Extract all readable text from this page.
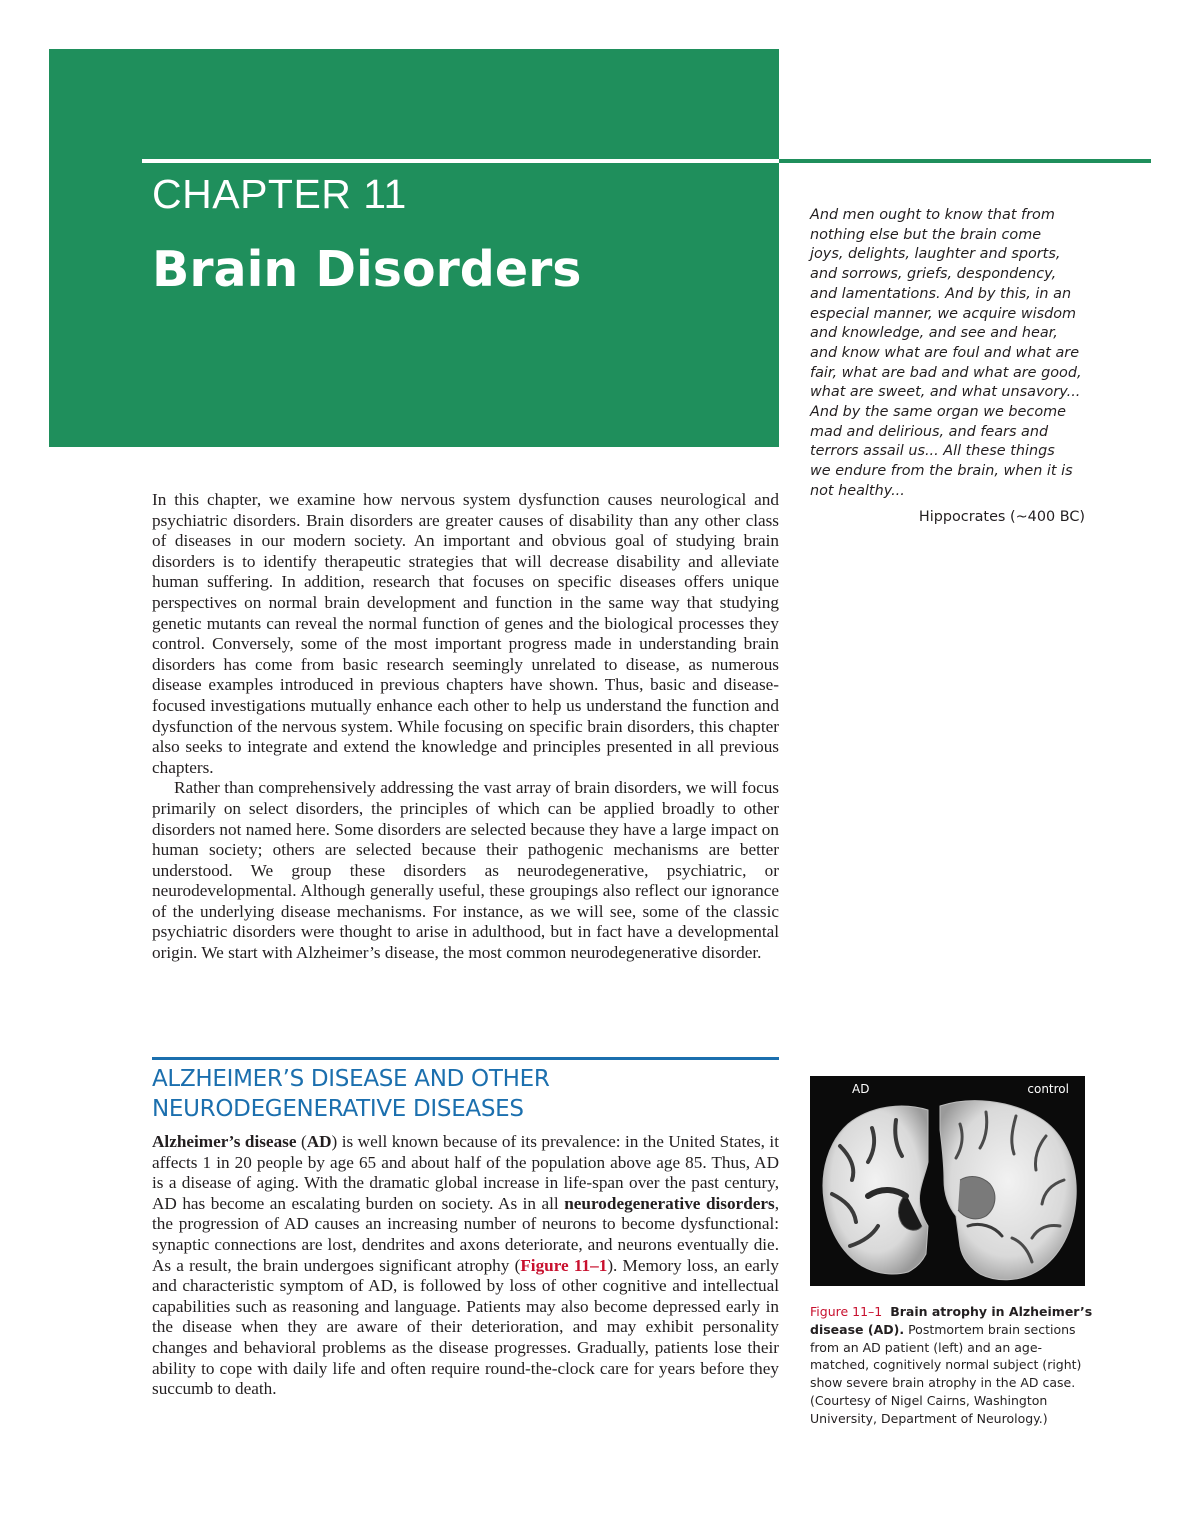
CHAPTER 11
Brain Disorders
And men ought to know that from
nothing else but the brain come
joys, delights, laughter and sports,
and sorrows, griefs, despondency,
and lamentations. And by this, in an
especial manner, we acquire wisdom
and knowledge, and see and hear,
and know what are foul and what are
fair, what are bad and what are good,
what are sweet, and what unsavory...
And by the same organ we become
mad and delirious, and fears and
terrors assail us... All these things
we endure from the brain, when it is
not healthy...
Hippocrates (~400 BC)

In this chapter, we examine how nervous system dysfunction causes neurological and psychiatric disorders. Brain disorders are greater causes of disability than any other class of diseases in our modern society. An important and obvious goal of studying brain disorders is to identify therapeutic strategies that will decrease disability and alleviate human suffering. In addition, research that focuses on specific diseases offers unique perspectives on normal brain development and function in the same way that studying genetic mutants can reveal the normal function of genes and the biological processes they control. Conversely, some of the most important progress made in understanding brain disorders has come from basic research seemingly unrelated to disease, as numerous disease examples introduced in previous chapters have shown. Thus, basic and disease-focused investigations mutually enhance each other to help us understand the function and dysfunction of the nervous system. While focusing on specific brain disorders, this chapter also seeks to integrate and extend the knowledge and principles presented in all previous chapters.

Rather than comprehensively addressing the vast array of brain disorders, we will focus primarily on select disorders, the principles of which can be applied broadly to other disorders not named here. Some disorders are selected because they have a large impact on human society; others are selected because their pathogenic mechanisms are better understood. We group these disorders as neurodegenerative, psychiatric, or neurodevelopmental. Although generally useful, these groupings also reflect our ignorance of the underlying disease mechanisms. For instance, as we will see, some of the classic psychiatric disorders were thought to arise in adulthood, but in fact have a developmental origin. We start with Alzheimer’s disease, the most common neurodegenerative disorder.

ALZHEIMER’S DISEASE AND OTHER
NEURODEGENERATIVE DISEASES

Alzheimer’s disease (AD) is well known because of its prevalence: in the United States, it affects 1 in 20 people by age 65 and about half of the population above age 85. Thus, AD is a disease of aging. With the dramatic global increase in life-span over the past century, AD has become an escalating burden on society. As in all neurodegenerative disorders, the progression of AD causes an increasing number of neurons to become dysfunctional: synaptic connections are lost, dendrites and axons deteriorate, and neurons eventually die. As a result, the brain undergoes significant atrophy (Figure 11–1). Memory loss, an early and characteristic symptom of AD, is followed by loss of other cognitive and intellectual capabilities such as reasoning and language. Patients may also become depressed early in the disease when they are aware of their deterioration, and may exhibit personality changes and behavioral problems as the disease progresses. Gradually, patients lose their ability to cope with daily life and often require round-the-clock care for years before they succumb to death.

AD	control
Figure 11–1 Brain atrophy in Alzheimer’s
disease (AD). Postmortem brain sections
from an AD patient (left) and an age-
matched, cognitively normal subject (right)
show severe brain atrophy in the AD case.
(Courtesy of Nigel Cairns, Washington
University, Department of Neurology.)
